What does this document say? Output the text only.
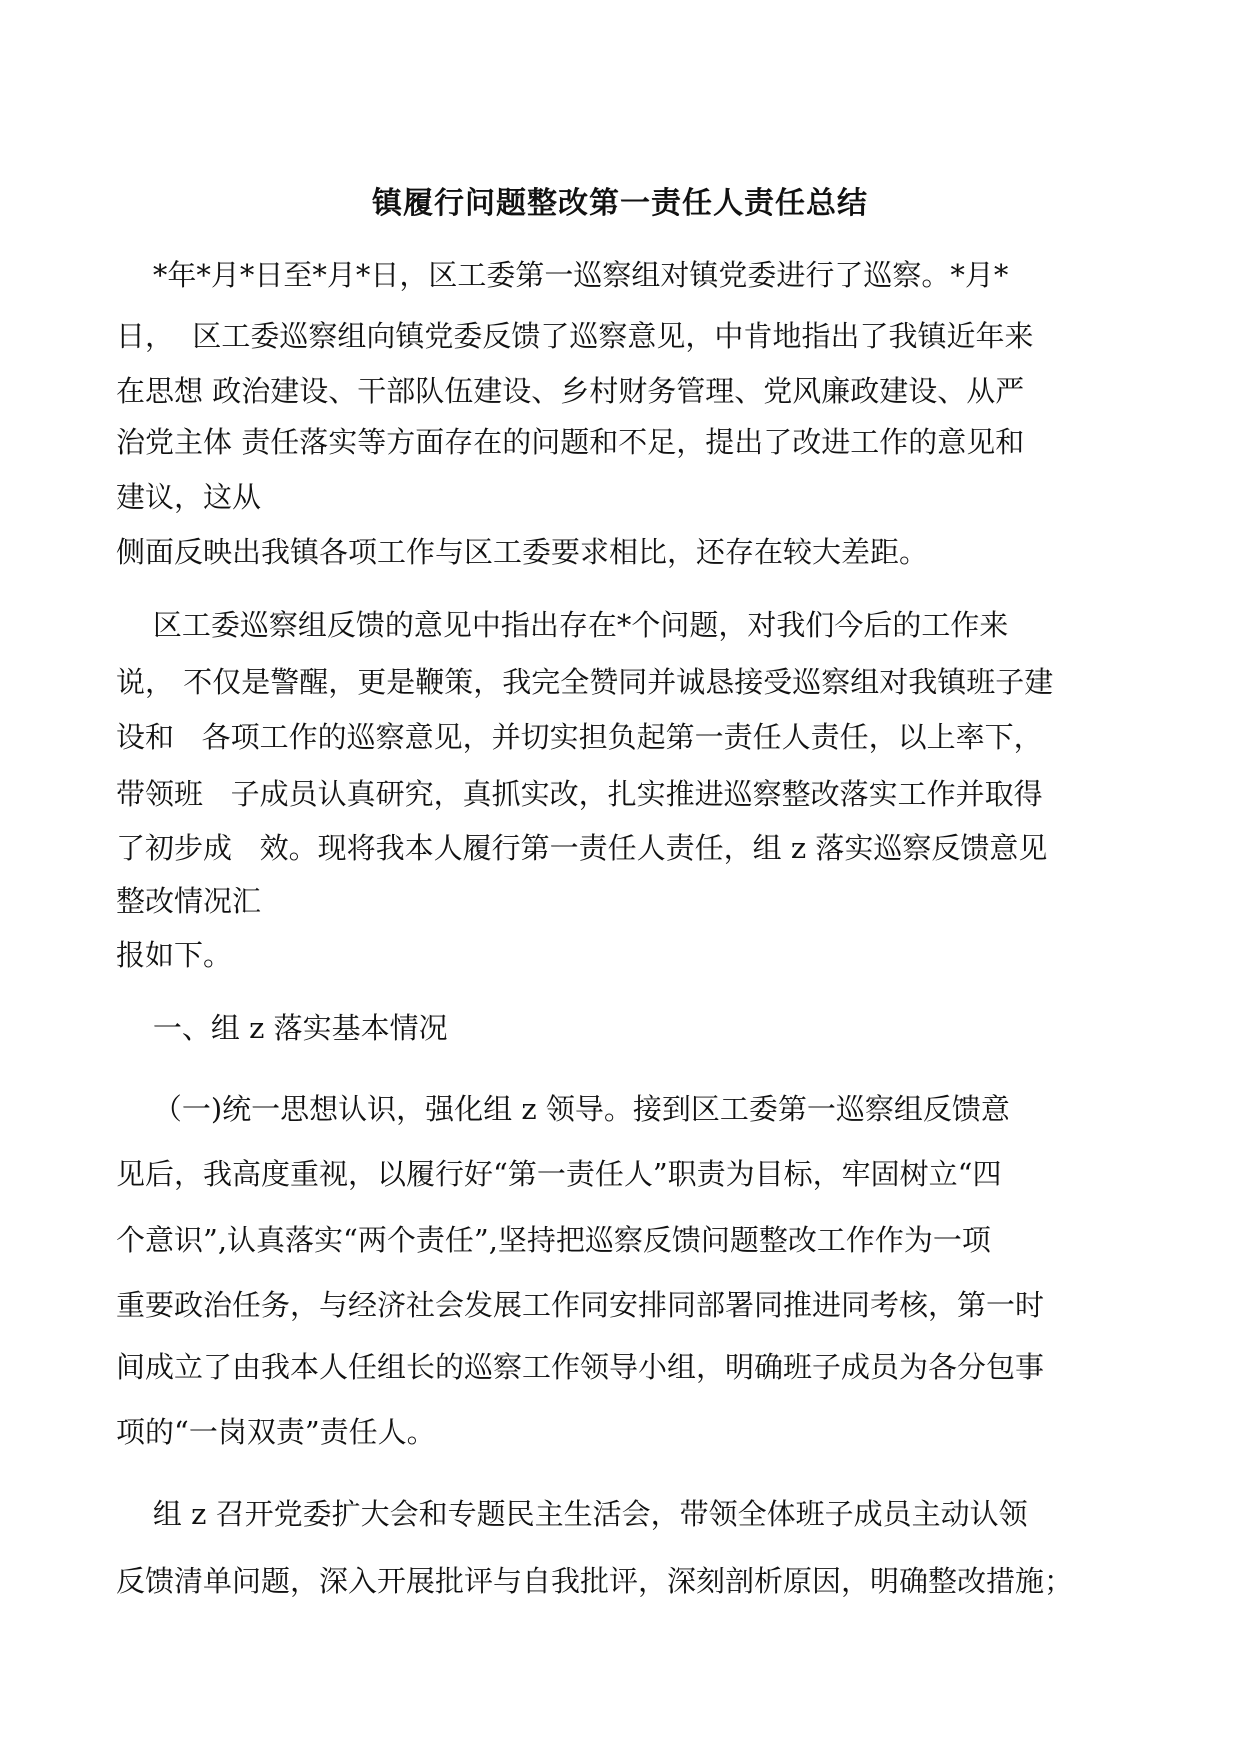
镇履行问题整改第一责任人责任总结
*年*月*日至*月*日，区工委第一巡察组对镇党委进行了巡察。*月*
日，  区工委巡察组向镇党委反馈了巡察意见，中肯地指出了我镇近年来
在思想 政治建设、干部队伍建设、乡村财务管理、党风廉政建设、从严
治党主体 责任落实等方面存在的问题和不足，提出了改进工作的意见和
建议，这从
侧面反映出我镇各项工作与区工委要求相比，还存在较大差距。
区工委巡察组反馈的意见中指出存在*个问题，对我们今后的工作来
说， 不仅是警醒，更是鞭策，我完全赞同并诚恳接受巡察组对我镇班子建
设和   各项工作的巡察意见，并切实担负起第一责任人责任，以上率下，
带领班   子成员认真研究，真抓实改，扎实推进巡察整改落实工作并取得
了初步成   效。现将我本人履行第一责任人责任，组 z 落实巡察反馈意见
整改情况汇
报如下。
一、组 z 落实基本情况
（一)统一思想认识，强化组 z 领导。接到区工委第一巡察组反馈意
见后，我高度重视，以履行好“第一责任人”职责为目标，牢固树立“四
个意识”,认真落实“两个责任”,坚持把巡察反馈问题整改工作作为一项
重要政治任务，与经济社会发展工作同安排同部署同推进同考核，第一时
间成立了由我本人任组长的巡察工作领导小组，明确班子成员为各分包事
项的“一岗双责”责任人。
组 z 召开党委扩大会和专题民主生活会，带领全体班子成员主动认领
反馈清单问题，深入开展批评与自我批评，深刻剖析原因，明确整改措施；
